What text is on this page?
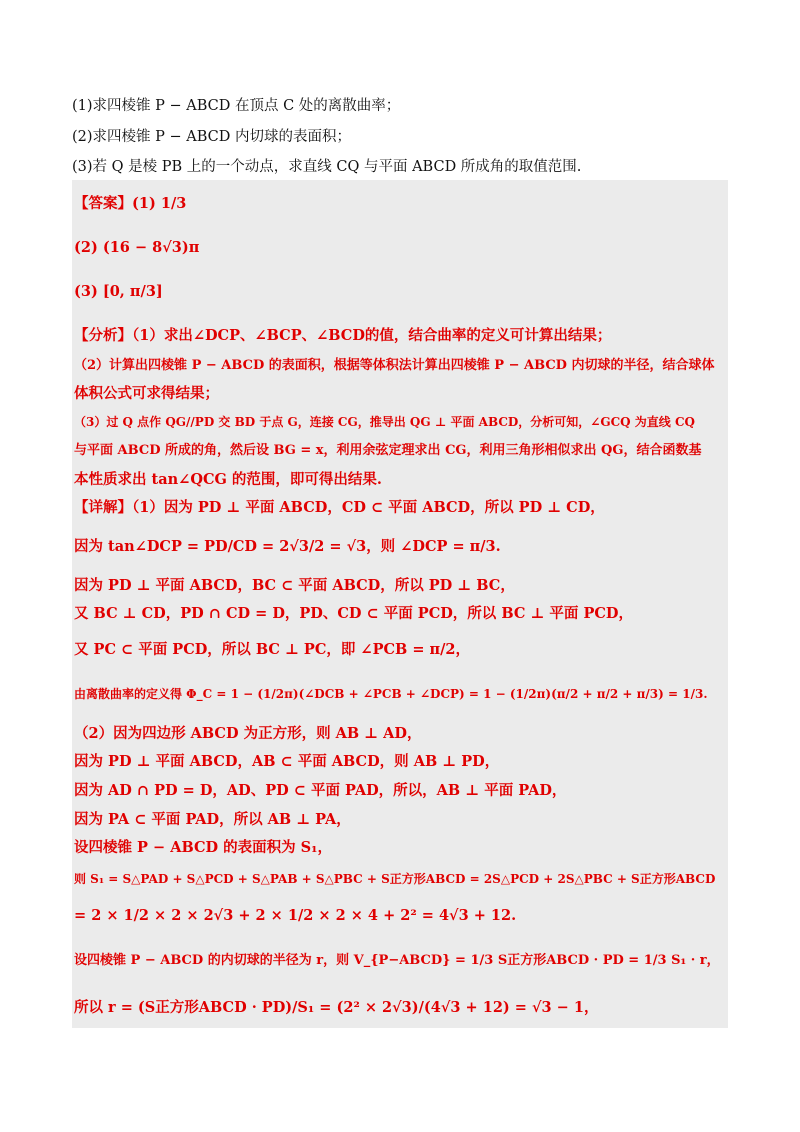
(1)求四棱锥 P − ABCD 在顶点 C 处的离散曲率；
(2)求四棱锥 P − ABCD 内切球的表面积；
(3)若 Q 是棱 PB 上的一个动点，求直线 CQ 与平面 ABCD 所成角的取值范围.
【答案】(1) 1/3
(2) (16 − 8√3)π
(3) [0, π/3]
【分析】（1）求出∠DCP、∠BCP、∠BCD的值，结合曲率的定义可计算出结果；
（2）计算出四棱锥 P − ABCD 的表面积，根据等体积法计算出四棱锥 P − ABCD 内切球的半径，结合球体
体积公式可求得结果；
（3）过 Q 点作 QG//PD 交 BD 于点 G，连接 CG，推导出 QG ⊥ 平面 ABCD，分析可知，∠GCQ 为直线 CQ
与平面 ABCD 所成的角，然后设 BG = x，利用余弦定理求出 CG，利用三角形相似求出 QG，结合函数基
本性质求出 tan∠QCG 的范围，即可得出结果.
【详解】（1）因为 PD ⊥ 平面 ABCD，CD ⊂ 平面 ABCD，所以 PD ⊥ CD，
因为 tan∠DCP = PD/CD = 2√3/2 = √3，则 ∠DCP = π/3.
因为 PD ⊥ 平面 ABCD，BC ⊂ 平面 ABCD，所以 PD ⊥ BC，
又 BC ⊥ CD，PD ∩ CD = D，PD、CD ⊂ 平面 PCD，所以 BC ⊥ 平面 PCD，
又 PC ⊂ 平面 PCD，所以 BC ⊥ PC，即 ∠PCB = π/2，
由离散曲率的定义得 Φ_C = 1 − (1/2π)(∠DCB + ∠PCB + ∠DCP) = 1 − (1/2π)(π/2 + π/2 + π/3) = 1/3.
（2）因为四边形 ABCD 为正方形，则 AB ⊥ AD，
因为 PD ⊥ 平面 ABCD，AB ⊂ 平面 ABCD，则 AB ⊥ PD，
因为 AD ∩ PD = D，AD、PD ⊂ 平面 PAD，所以，AB ⊥ 平面 PAD，
因为 PA ⊂ 平面 PAD，所以 AB ⊥ PA，
设四棱锥 P − ABCD 的表面积为 S₁，
则 S₁ = S△PAD + S△PCD + S△PAB + S△PBC + S正方形ABCD = 2S△PCD + 2S△PBC + S正方形ABCD
= 2 × 1/2 × 2 × 2√3 + 2 × 1/2 × 2 × 4 + 2² = 4√3 + 12.
设四棱锥 P − ABCD 的内切球的半径为 r，则 V_{P−ABCD} = 1/3 S正方形ABCD · PD = 1/3 S₁ · r，
所以 r = (S正方形ABCD · PD)/S₁ = (2² × 2√3)/(4√3 + 12) = √3 − 1，
